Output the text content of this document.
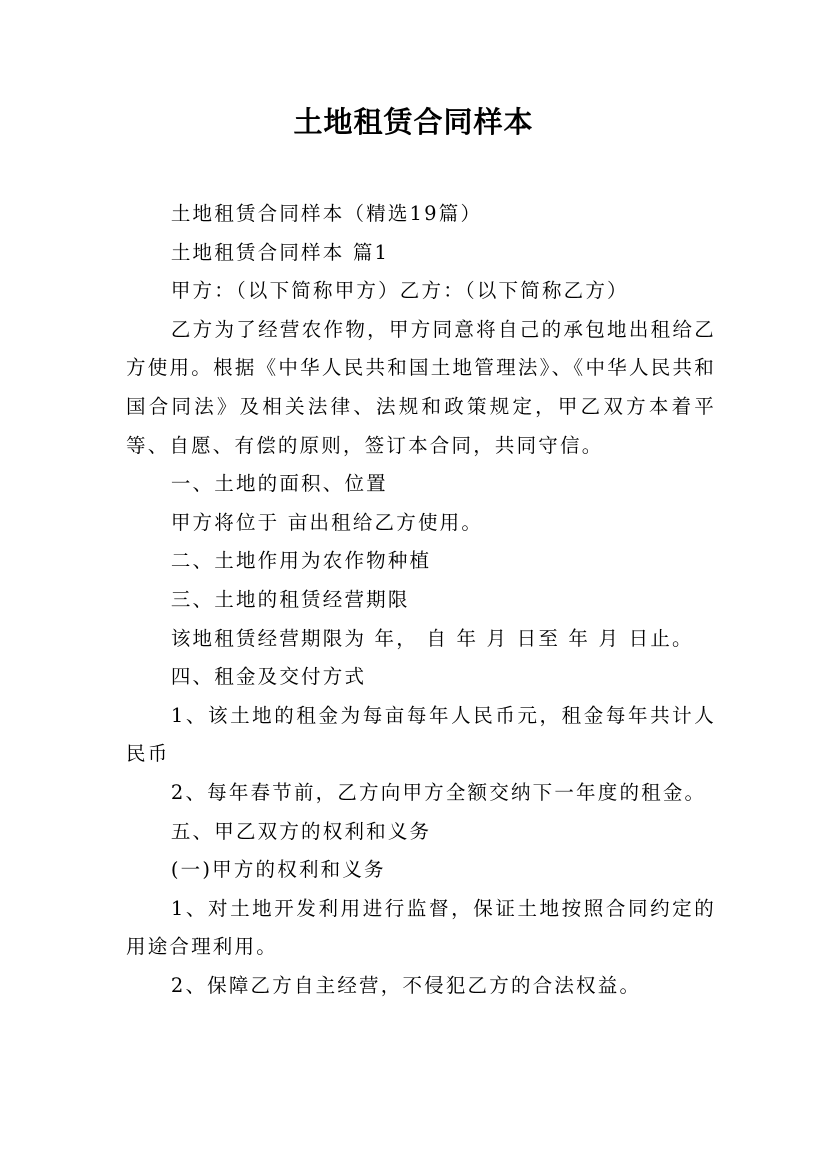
土地租赁合同样本

土地租赁合同样本（精选19篇）

土地租赁合同样本 篇1

甲方：（以下简称甲方）乙方：（以下简称乙方）

乙方为了经营农作物，甲方同意将自己的承包地出租给乙方使用。根据《中华人民共和国土地管理法》、《中华人民共和国合同法》及相关法律、法规和政策规定，甲乙双方本着平等、自愿、有偿的原则，签订本合同，共同守信。

一、土地的面积、位置

甲方将位于 亩出租给乙方使用。

二、土地作用为农作物种植

三、土地的租赁经营期限

该地租赁经营期限为 年， 自 年 月 日至 年 月 日止。

四、租金及交付方式

1、该土地的租金为每亩每年人民币元，租金每年共计人民币

2、每年春节前，乙方向甲方全额交纳下一年度的租金。

五、甲乙双方的权利和义务

(一)甲方的权利和义务

1、对土地开发利用进行监督，保证土地按照合同约定的用途合理利用。

2、保障乙方自主经营，不侵犯乙方的合法权益。
